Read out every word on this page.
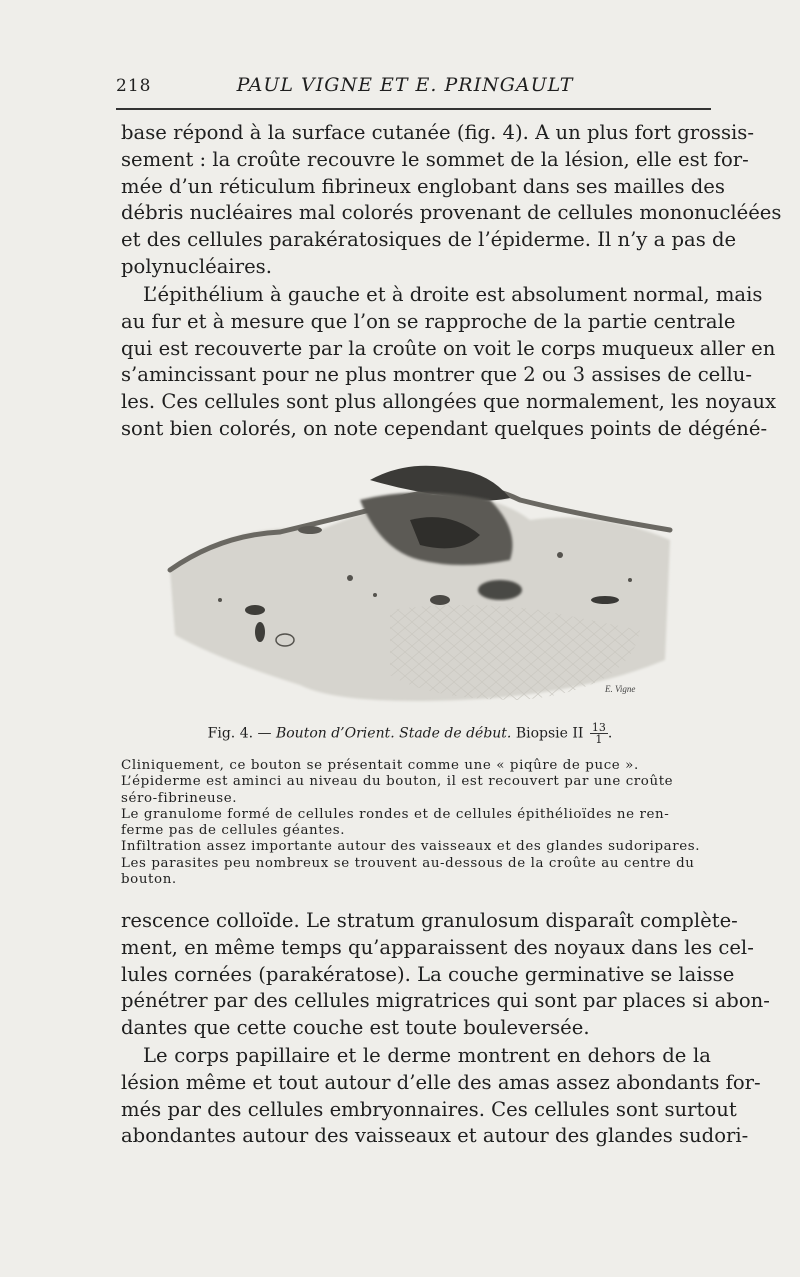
218	PAUL VIGNE ET E. PRINGAULT
base répond à la surface cutanée (fig. 4). A un plus fort grossis-
sement : la croûte recouvre le sommet de la lésion, elle est for-
mée d’un réticulum fibrineux englobant dans ses mailles des
débris nucléaires mal colorés provenant de cellules mononucléées
et des cellules parakératosiques de l’épiderme. Il n’y a pas de
polynucléaires.
L’épithélium à gauche et à droite est absolument normal, mais
au fur et à mesure que l’on se rapproche de la partie centrale
qui est recouverte par la croûte on voit le corps muqueux aller en
s’amincissant pour ne plus montrer que 2 ou 3 assises de cellu-
les. Ces cellules sont plus allongées que normalement, les noyaux
sont bien colorés, on note cependant quelques points de dégéné-
E. Vigne
Fig. 4. — Bouton d’Orient. Stade de début. Biopsie II $\frac{13}{1}$ .
Cliniquement, ce bouton se présentait comme une « piqûre de puce ».
L’épiderme est aminci au niveau du bouton, il est recouvert par une croûte
séro-fibrineuse.
Le granulome formé de cellules rondes et de cellules épithélioïdes ne ren-
ferme pas de cellules géantes.
Infiltration assez importante autour des vaisseaux et des glandes sudoripares.
Les parasites peu nombreux se trouvent au-dessous de la croûte au centre du
bouton.
rescence colloïde. Le stratum granulosum disparaît complète-
ment, en même temps qu’apparaissent des noyaux dans les cel-
lules cornées (parakératose). La couche germinative se laisse
pénétrer par des cellules migratrices qui sont par places si abon-
dantes que cette couche est toute bouleversée.
Le corps papillaire et le derme montrent en dehors de la
lésion même et tout autour d’elle des amas assez abondants for-
més par des cellules embryonnaires. Ces cellules sont surtout
abondantes autour des vaisseaux et autour des glandes sudori-
